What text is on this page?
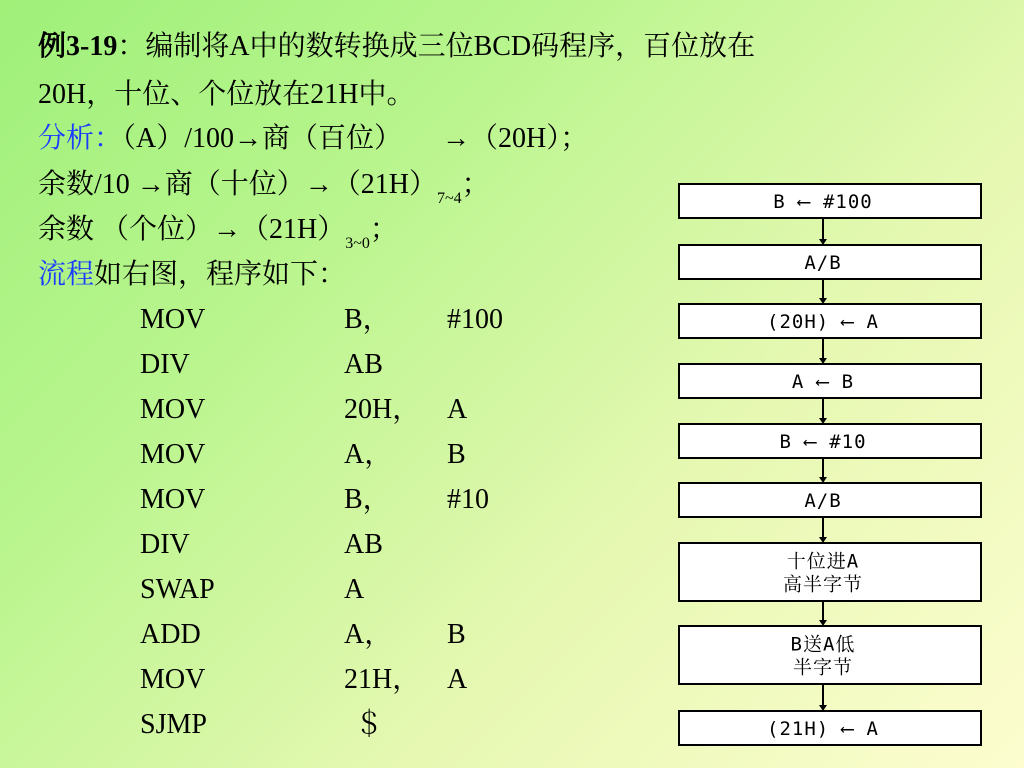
例3-19：编制将A中的数转换成三位BCD码程序，百位放在
20H，十位、个位放在21H中。
分析：（A）/100→商（百位） →（20H）；
余数/10 →商（十位）$\to(21H)_{7\sim 4}$；
余数 （个位）$\to(21H)_{3\sim 0}$；
流程如右图，程序如下：
MOV	B， #100
DIV	AB
MOV	20H， A
MOV	A， B
MOV	B， #10
DIV	AB
SWAP	A
ADD	A， B
MOV	21H， A
SJMP	＄
B ⟵ #100
A/B
(20H) ⟵ A
A ⟵ B
B ⟵ #10
A/B
十位进A
高半字节
B送A低
半字节
(21H) ⟵ A
